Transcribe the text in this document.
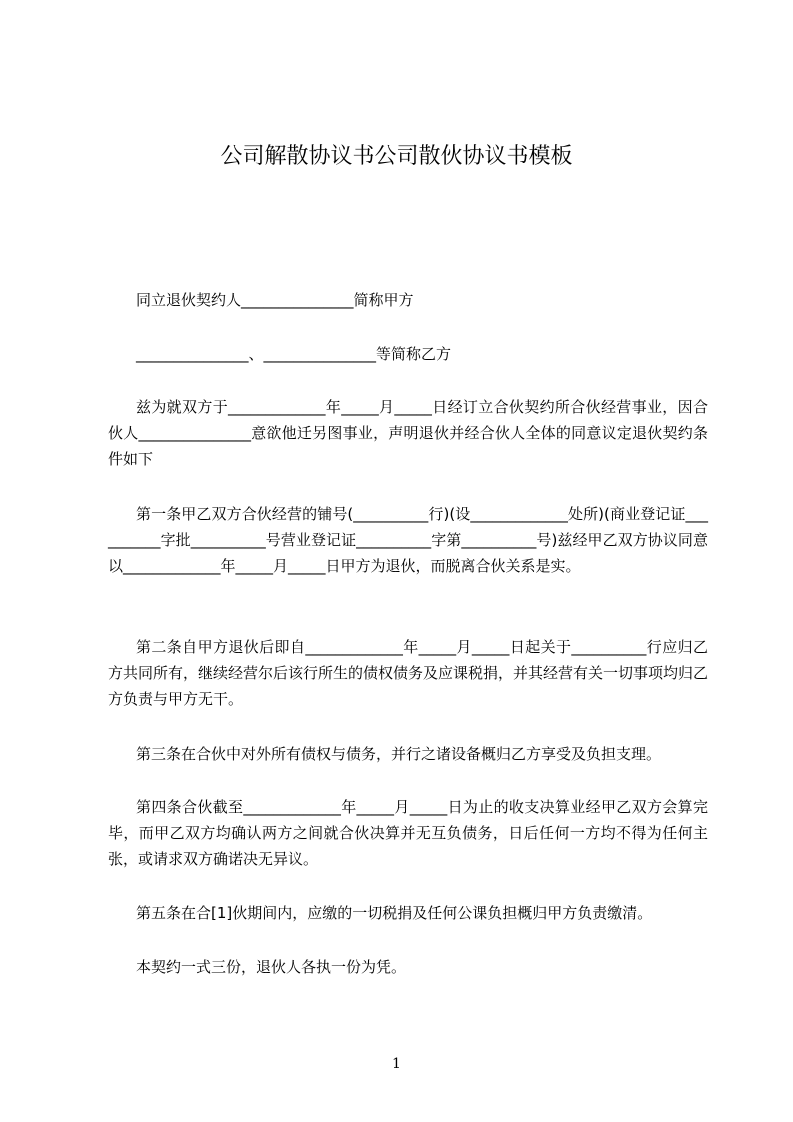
公司解散协议书公司散伙协议书模板

同立退伙契约人_______________简称甲方

_______________、_______________等简称乙方

兹为就双方于_____________年_____月_____日经订立合伙契约所合伙经营事业，因合伙人_______________意欲他迁另图事业，声明退伙并经合伙人全体的同意议定退伙契约条件如下

第一条甲乙双方合伙经营的铺号(__________行)(设_____________处所)(商业登记证__________字批__________号营业登记证__________字第__________号)兹经甲乙双方协议同意以_____________年_____月_____日甲方为退伙，而脱离合伙关系是实。

第二条自甲方退伙后即自_____________年_____月_____日起关于__________行应归乙方共同所有，继续经营尔后该行所生的债权债务及应课税捐，并其经营有关一切事项均归乙方负责与甲方无干。

第三条在合伙中对外所有债权与债务，并行之诸设备概归乙方享受及负担支理。

第四条合伙截至_____________年_____月_____日为止的收支决算业经甲乙双方会算完毕，而甲乙双方均确认两方之间就合伙决算并无互负债务，日后任何一方均不得为任何主张，或请求双方确诺决无异议。

第五条在合[1]伙期间内，应缴的一切税捐及任何公课负担概归甲方负责缴清。

本契约一式三份，退伙人各执一份为凭。

1
